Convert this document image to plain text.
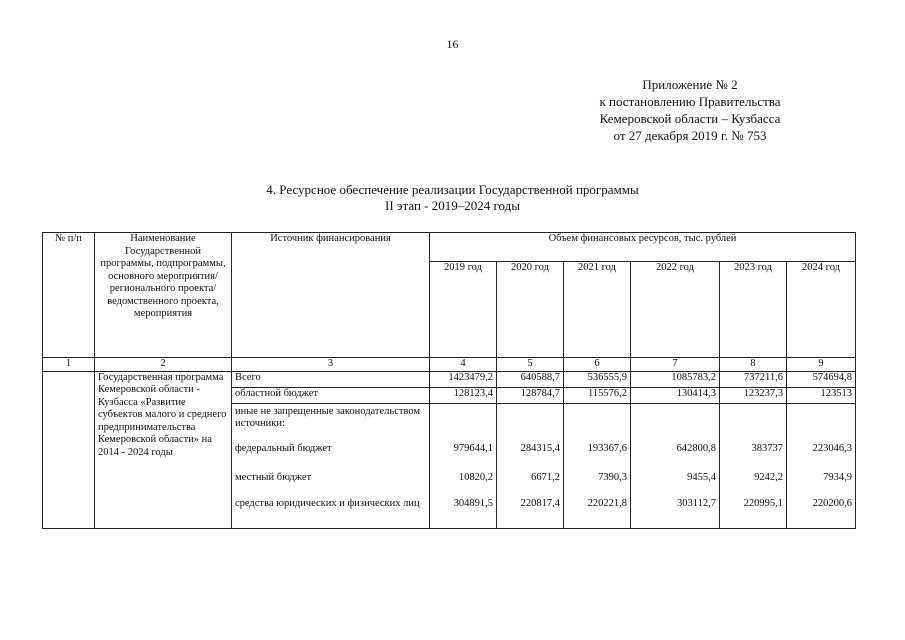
16
Приложение № 2
к постановлению Правительства
Кемеровской области – Кузбасса
от 27 декабря 2019 г. № 753
4. Ресурсное обеспечение реализации Государственной программы
II этап - 2019–2024 годы
№ п/п	Наименование Государственной программы, подпрограммы, основного мероприятия/ регионального проекта/ ведомственного проекта, мероприятия	Источник финансирования	Объем финансовых ресурсов, тыс. рублей					
			2019 год	2020 год	2021 год	2022 год	2023 год	2024 год
1	2	3	4	5	6	7	8	9
	Государственная программа Кемеровской области - Кузбасса «Развитие субъектов малого и среднего предпринимательства Кемеровской области» на 2014 - 2024 годы	Всего	1423479,2	640588,7	536555,9	1085783,2	737211,6	574694,8
		областной бюджет	128123,4	128784,7	115576,2	130414,3	123237,3	123513
		иные не запрещенные законодательством источники:						
		федеральный бюджет	979644,1	284315,4	193367,6	642800,8	383737	223046,3
		местный бюджет	10820,2	6671,2	7390,3	9455,4	9242,2	7934,9
		средства юридических и физических лиц	304891,5	220817,4	220221,8	303112,7	220995,1	220200,6
